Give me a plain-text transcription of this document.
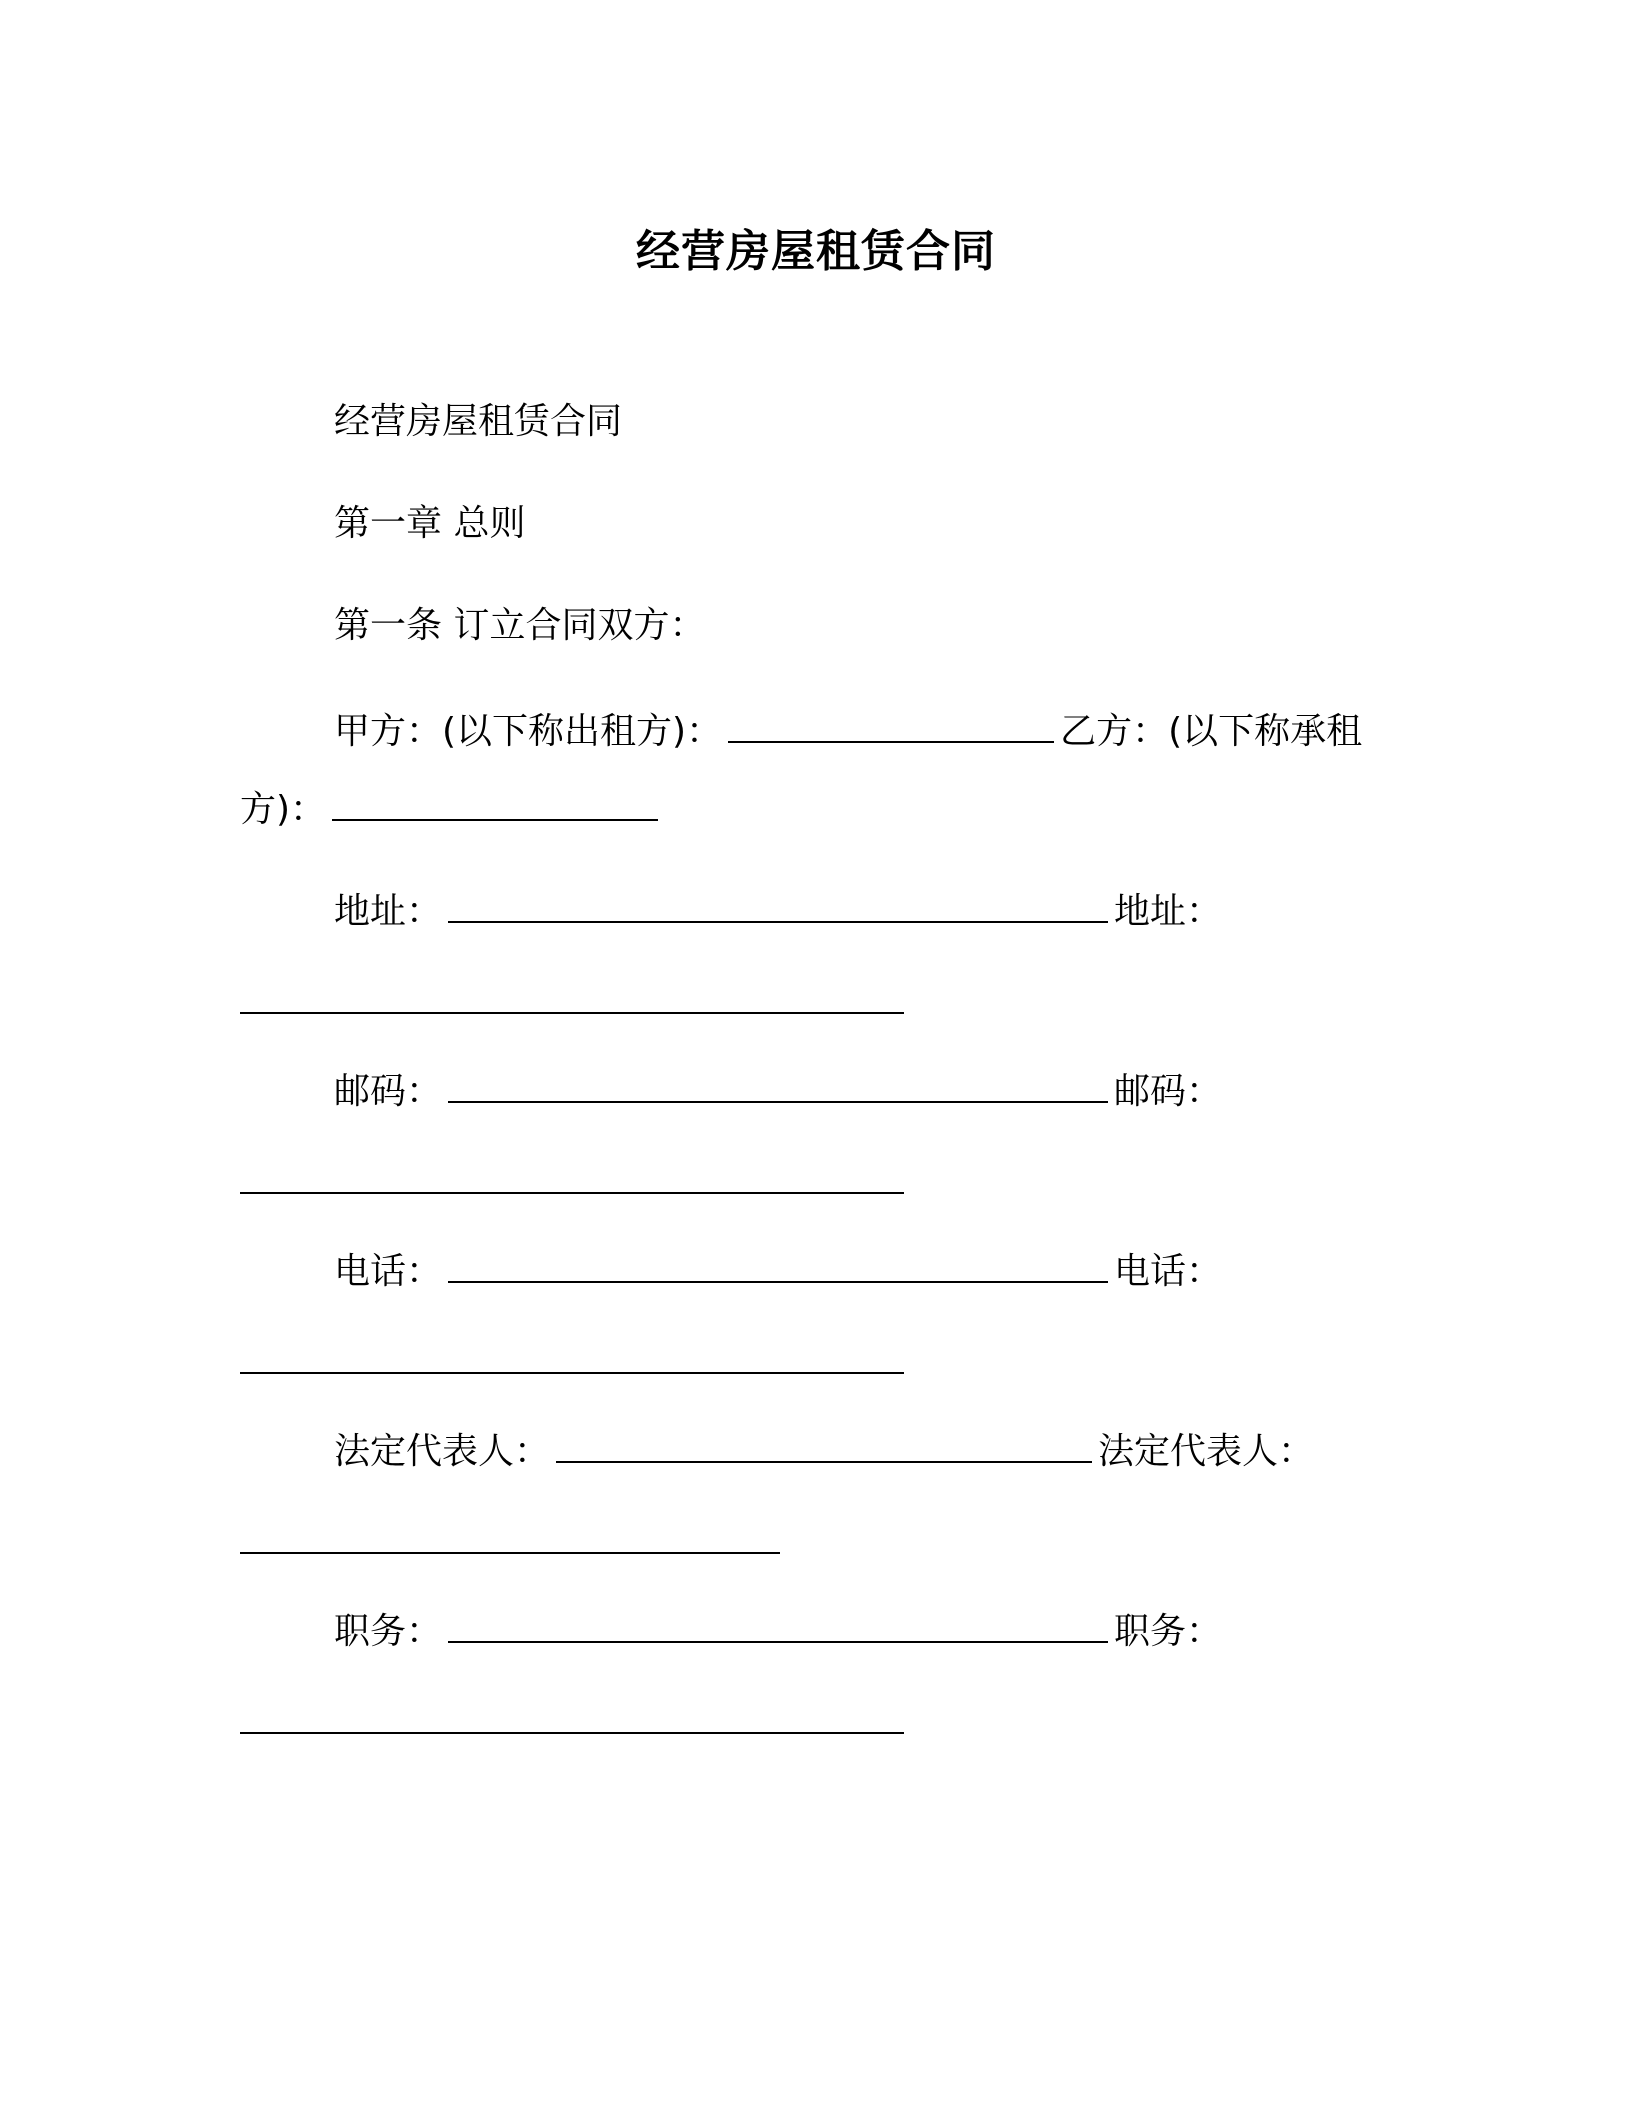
经营房屋租赁合同
经营房屋租赁合同
第一章 总则
第一条 订立合同双方：
甲方：(以下称出租方)：	乙方：(以下称承租
方)：
地址：	地址：
邮码：	邮码：
电话：	电话：
法定代表人：	法定代表人：
职务：	职务：
